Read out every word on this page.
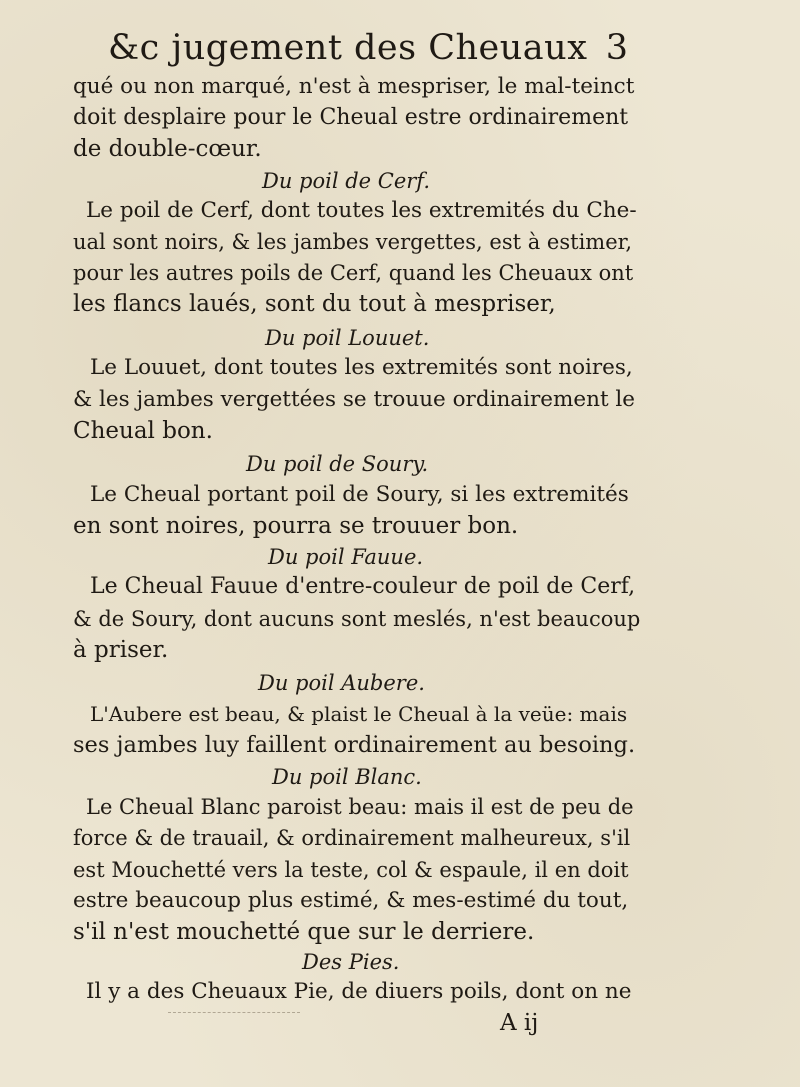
&c jugement des Cheuaux 3
qué ou non marqué, n'est à mespriser, le mal-teinct
doit desplaire pour le Cheual estre ordinairement
de double-cœur.
Du poil de Cerf.
Le poil de Cerf, dont toutes les extremités du Che-
ual sont noirs, & les jambes vergettes, est à estimer,
pour les autres poils de Cerf, quand les Cheuaux ont
les flancs laués, sont du tout à mespriser,
Du poil Louuet.
Le Louuet, dont toutes les extremités sont noires,
& les jambes vergettées se trouue ordinairement le
Cheual bon.
Du poil de Soury.
Le Cheual portant poil de Soury, si les extremités
en sont noires, pourra se trouuer bon.
Du poil Fauue.
Le Cheual Fauue d'entre-couleur de poil de Cerf,
& de Soury, dont aucuns sont meslés, n'est beaucoup
à priser.
Du poil Aubere.
L'Aubere est beau, & plaist le Cheual à la veüe: mais
ses jambes luy faillent ordinairement au besoing.
Du poil Blanc.
Le Cheual Blanc paroist beau: mais il est de peu de
force & de trauail, & ordinairement malheureux, s'il
est Mouchetté vers la teste, col & espaule, il en doit
estre beaucoup plus estimé, & mes-estimé du tout,
s'il n'est mouchetté que sur le derriere.
Des Pies.
Il y a des Cheuaux Pie, de diuers poils, dont on ne
A ij
